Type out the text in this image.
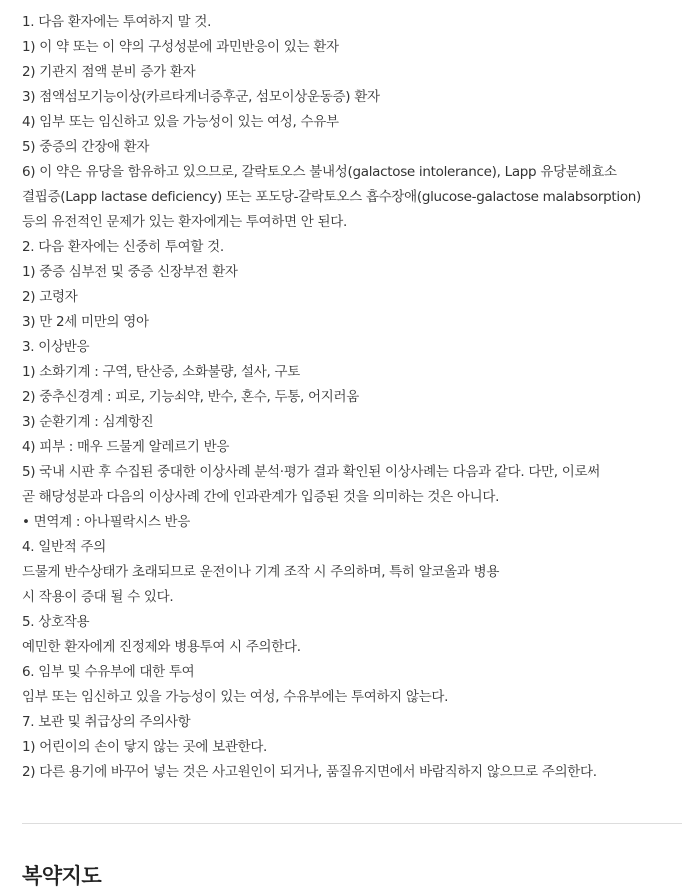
1. 다음 환자에는 투여하지 말 것.
1) 이 약 또는 이 약의 구성성분에 과민반응이 있는 환자
2) 기관지 점액 분비 증가 환자
3) 점액섬모기능이상(카르타게너증후군, 섬모이상운동증) 환자
4) 임부 또는 임신하고 있을 가능성이 있는 여성, 수유부
5) 중증의 간장애 환자
6) 이 약은 유당을 함유하고 있으므로, 갈락토오스 불내성(galactose intolerance), Lapp 유당분해효소
결핍증(Lapp lactase deficiency) 또는 포도당-갈락토오스 흡수장애(glucose-galactose malabsorption)
등의 유전적인 문제가 있는 환자에게는 투여하면 안 된다.
2. 다음 환자에는 신중히 투여할 것.
1) 중증 심부전 및 중증 신장부전 환자
2) 고령자
3) 만 2세 미만의 영아
3. 이상반응
1) 소화기계 : 구역, 탄산증, 소화불량, 설사, 구토
2) 중추신경계 : 피로, 기능쇠약, 반수, 혼수, 두통, 어지러움
3) 순환기계 : 심계항진
4) 피부 : 매우 드물게 알레르기 반응
5) 국내 시판 후 수집된 중대한 이상사례 분석·평가 결과 확인된 이상사례는 다음과 같다. 다만, 이로써
곧 해당성분과 다음의 이상사례 간에 인과관계가 입증된 것을 의미하는 것은 아니다.
• 면역계 : 아나필락시스 반응
4. 일반적 주의
드물게 반수상태가 초래되므로 운전이나 기계 조작 시 주의하며, 특히 알코올과 병용
시 작용이 증대 될 수 있다.
5. 상호작용
예민한 환자에게 진정제와 병용투여 시 주의한다.
6. 임부 및 수유부에 대한 투여
임부 또는 임신하고 있을 가능성이 있는 여성, 수유부에는 투여하지 않는다.
7. 보관 및 취급상의 주의사항
1) 어린이의 손이 닿지 않는 곳에 보관한다.
2) 다른 용기에 바꾸어 넣는 것은 사고원인이 되거나, 품질유지면에서 바람직하지 않으므로 주의한다.
복약지도
